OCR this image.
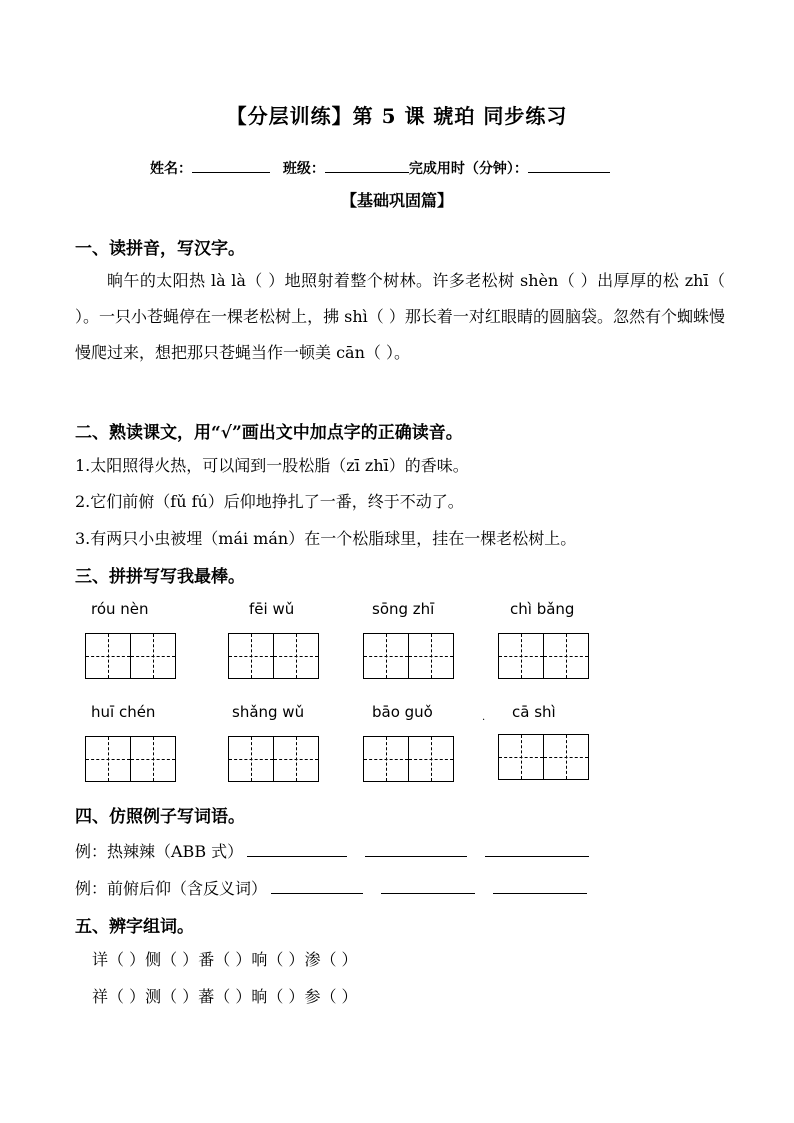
【分层训练】第 5 课 琥珀 同步练习
姓名：	班级：	完成用时（分钟）：
【基础巩固篇】
一、读拼音，写汉字。
晌午的太阳热 là là（ ）地照射着整个树林。许多老松树 shèn（ ）出厚厚的松 zhī（ ）。一只小苍蝇停在一棵老松树上，拂 shì（ ）那长着一对红眼睛的圆脑袋。忽然有个蜘蛛慢慢爬过来，想把那只苍蝇当作一顿美 cān（ ）。
二、熟读课文，用“√”画出文中加点字的正确读音。
1.太阳照得火热，可以闻到一股松脂（zī zhī）的香味。
2.它们前俯（fǔ fú）后仰地挣扎了一番，终于不动了。
3.有两只小虫被埋（mái mán）在一个松脂球里，挂在一棵老松树上。
三、拼拼写写我最棒。
róu nèn	fēi wǔ	sōng zhī	chì bǎng
huī chén	shǎng wǔ	bāo guǒ	. cā shì
四、仿照例子写词语。
例：热辣辣（ABB 式）
例：前俯后仰（含反义词）
五、辨字组词。
详（ ）侧（ ）番（ ）响（ ）渗（ ）
祥（ ）测（ ）蕃（ ）晌（ ）参（ ）
